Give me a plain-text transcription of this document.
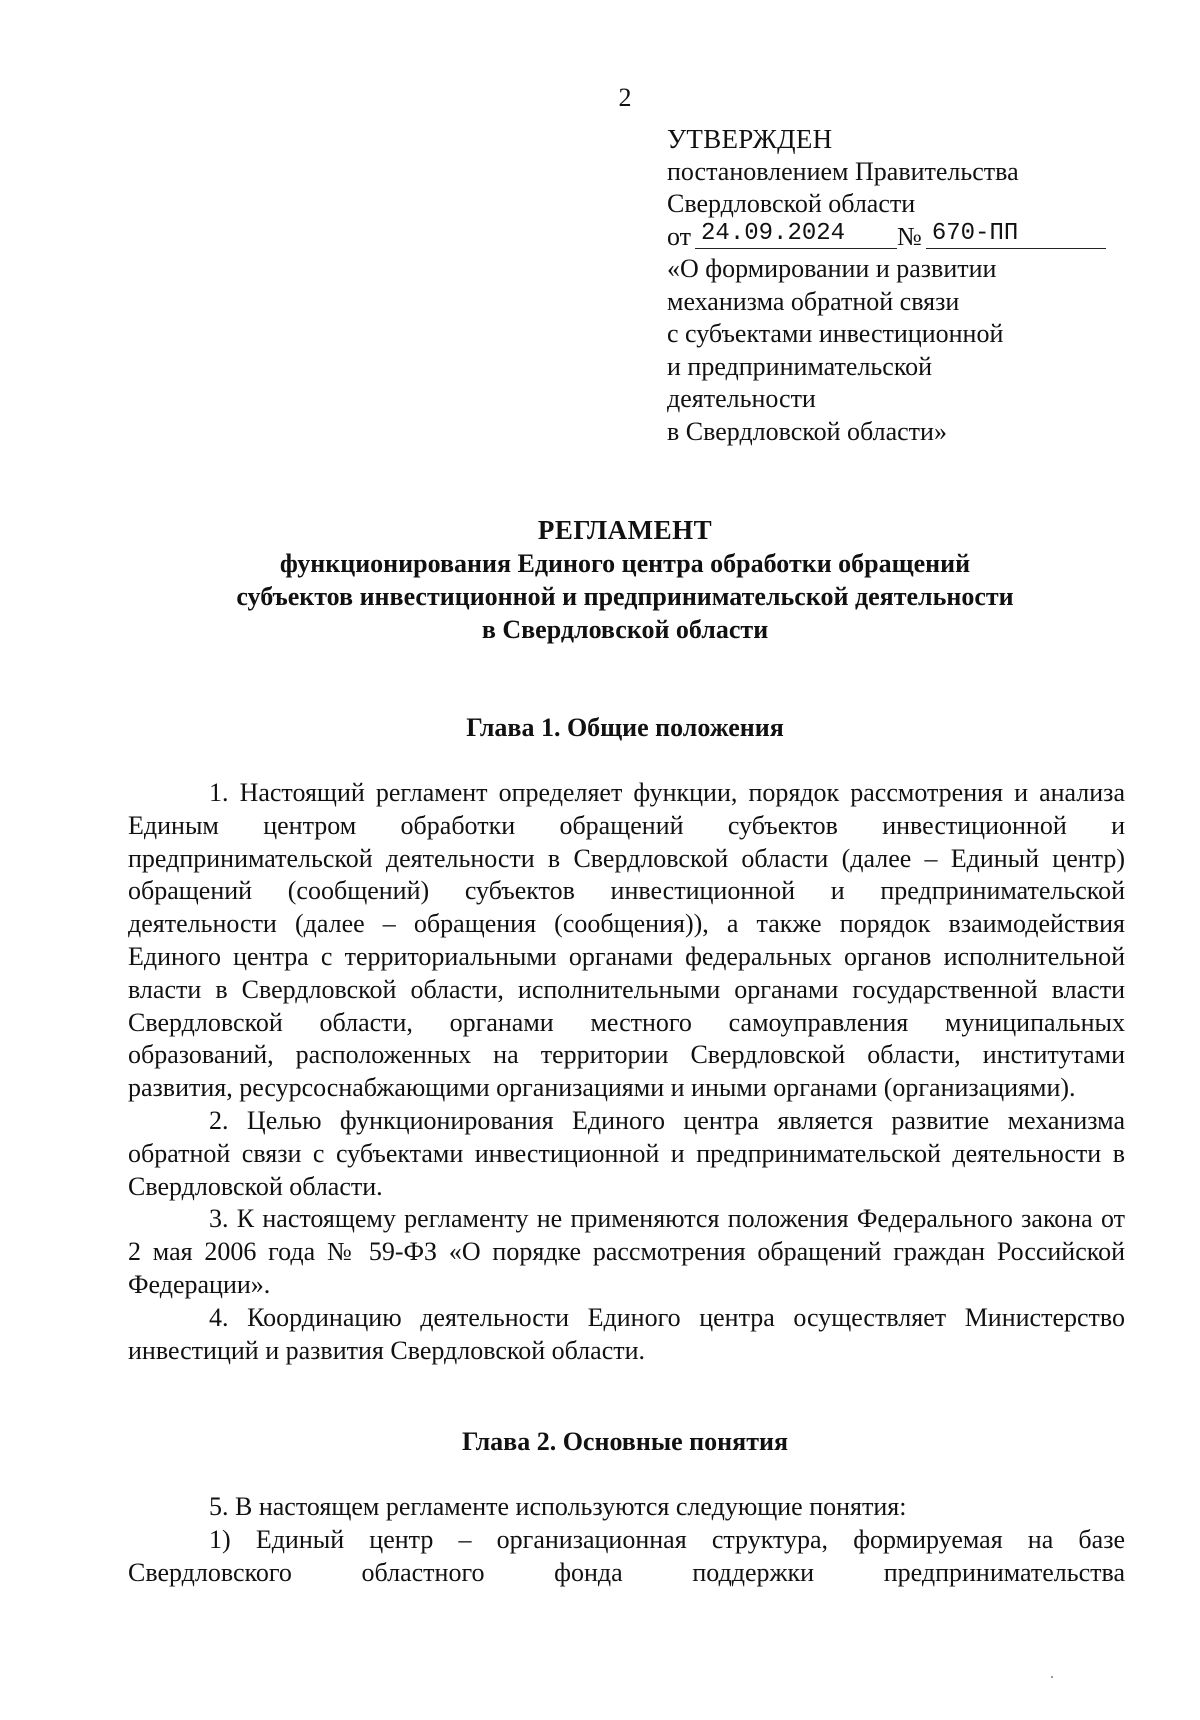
2
УТВЕРЖДЕН
постановлением Правительства
Свердловской области
от 24.09.2024	№ 670-ПП
«О формировании и развитии
механизма обратной связи
с субъектами инвестиционной
и предпринимательской
деятельности
в Свердловской области»
РЕГЛАМЕНТ
функционирования Единого центра обработки обращений
субъектов инвестиционной и предпринимательской деятельности
в Свердловской области
Глава 1. Общие положения

1. Настоящий регламент определяет функции, порядок рассмотрения и анализа Единым центром обработки обращений субъектов инвестиционной и предпринимательской деятельности в Свердловской области (далее – Единый центр) обращений (сообщений) субъектов инвестиционной и предпринимательской деятельности (далее – обращения (сообщения)), а также порядок взаимодействия Единого центра с территориальными органами федеральных органов исполнительной власти в Свердловской области, исполнительными органами государственной власти Свердловской области, органами местного самоуправления муниципальных образований, расположенных на территории Свердловской области, институтами развития, ресурсоснабжающими организациями и иными органами (организациями).

2. Целью функционирования Единого центра является развитие механизма обратной связи с субъектами инвестиционной и предпринимательской деятельности в Свердловской области.

3. К настоящему регламенту не применяются положения Федерального закона от 2 мая 2006 года № 59-ФЗ «О порядке рассмотрения обращений граждан Российской Федерации».

4. Координацию деятельности Единого центра осуществляет Министерство инвестиций и развития Свердловской области.

Глава 2. Основные понятия

5. В настоящем регламенте используются следующие понятия:

1) Единый центр – организационная структура, формируемая на базе Свердловского областного фонда поддержки предпринимательства
